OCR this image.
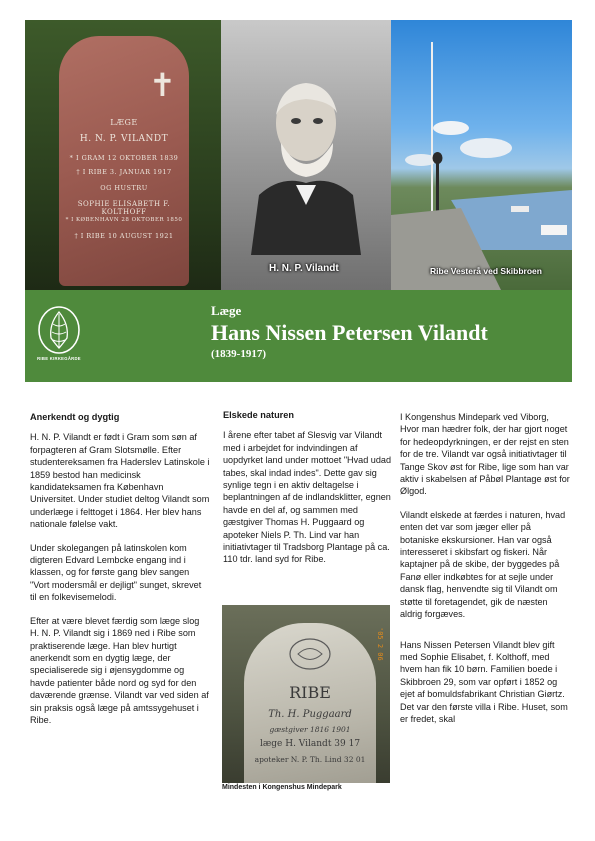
✝
LÆGE
H. N. P. VILANDT
* I GRAM 12 OKTOBER 1839
† I RIBE 3. JANUAR 1917
OG HUSTRU
SOPHIE ELISABETH F. KOLTHOFF
* I KØBENHAVN 28 OKTOBER 1850
† I RIBE 10 AUGUST 1921
H. N. P. Vilandt	Ribe Vesterå ved Skibbroen
RIBE KIRKEGÅRDE
Læge
Hans Nissen Petersen Vilandt
(1839-1917)
Anerkendt og dygtig

H. N. P. Vilandt er født i Gram som søn af forpagteren af Gram Slotsmølle. Efter studentereksamen fra Haderslev Latinskole i 1859 bestod han medicinsk kandidateksamen fra København Universitet. Under studiet deltog Vilandt som underlæge i felttoget i 1864. Her blev hans nationale følelse vakt.

Under skolegangen på latinskolen kom digteren Edvard Lembcke engang ind i klassen, og for første gang blev sangen "Vort modersmål er dejligt" sunget, skrevet til en folkevisemelodi.

Efter at være blevet færdig som læge slog H. N. P. Vilandt sig i 1869 ned i Ribe som praktiserende læge. Han blev hurtigt anerkendt som en dygtig læge, der specialiserede sig i øjensygdomme og havde patienter både nord og syd for den daværende grænse. Vilandt var ved siden af sin praksis også læge på amtssygehuset i Ribe.

Elskede naturen

I årene efter tabet af Slesvig var Vilandt med i arbejdet for indvindingen af uopdyrket land under mottoet "Hvad udad tabes, skal indad indes". Dette gav sig synlige tegn i en aktiv deltagelse i beplantningen af de indlandsklitter, egnen havde en del af, og sammen med gæstgiver Thomas H. Puggaard og apoteker Niels P. Th. Lind var han initiativtager til Tradsborg Plantage på ca. 110 tdr. land syd for Ribe.

RIBE
Th. H. Puggaard
gæstgiver 1816 1901
læge H. Vilandt 39 17
apoteker N. P. Th. Lind 32 01
'05 2 06
Mindesten i Kongenshus Mindepark

I Kongenshus Mindepark ved Viborg, Hvor man hædrer folk, der har gjort noget for hedeopdyrkningen, er der rejst en sten for de tre. Vilandt var også initiativtager til Tange Skov øst for Ribe, lige som han var aktiv i skabelsen af Påbøl Plantage øst for Ølgod.

Vilandt elskede at færdes i naturen, hvad enten det var som jæger eller på botaniske ekskursioner. Han var også interesseret i skibsfart og fiskeri. Når kaptajner på de skibe, der byggedes på Fanø eller indkøbtes for at sejle under dansk flag, henvendte sig til Vilandt om støtte til foretagendet, gik de næsten aldrig forgæves.

Hans Nissen Petersen Vilandt blev gift med Sophie Elisabet, f. Kolthoff, med hvem han fik 10 børn. Familien boede i Skibbroen 29, som var opført i 1852 og ejet af bomuldsfabrikant Christian Giørtz. Det var den første villa i Ribe. Huset, som er fredet, skal
